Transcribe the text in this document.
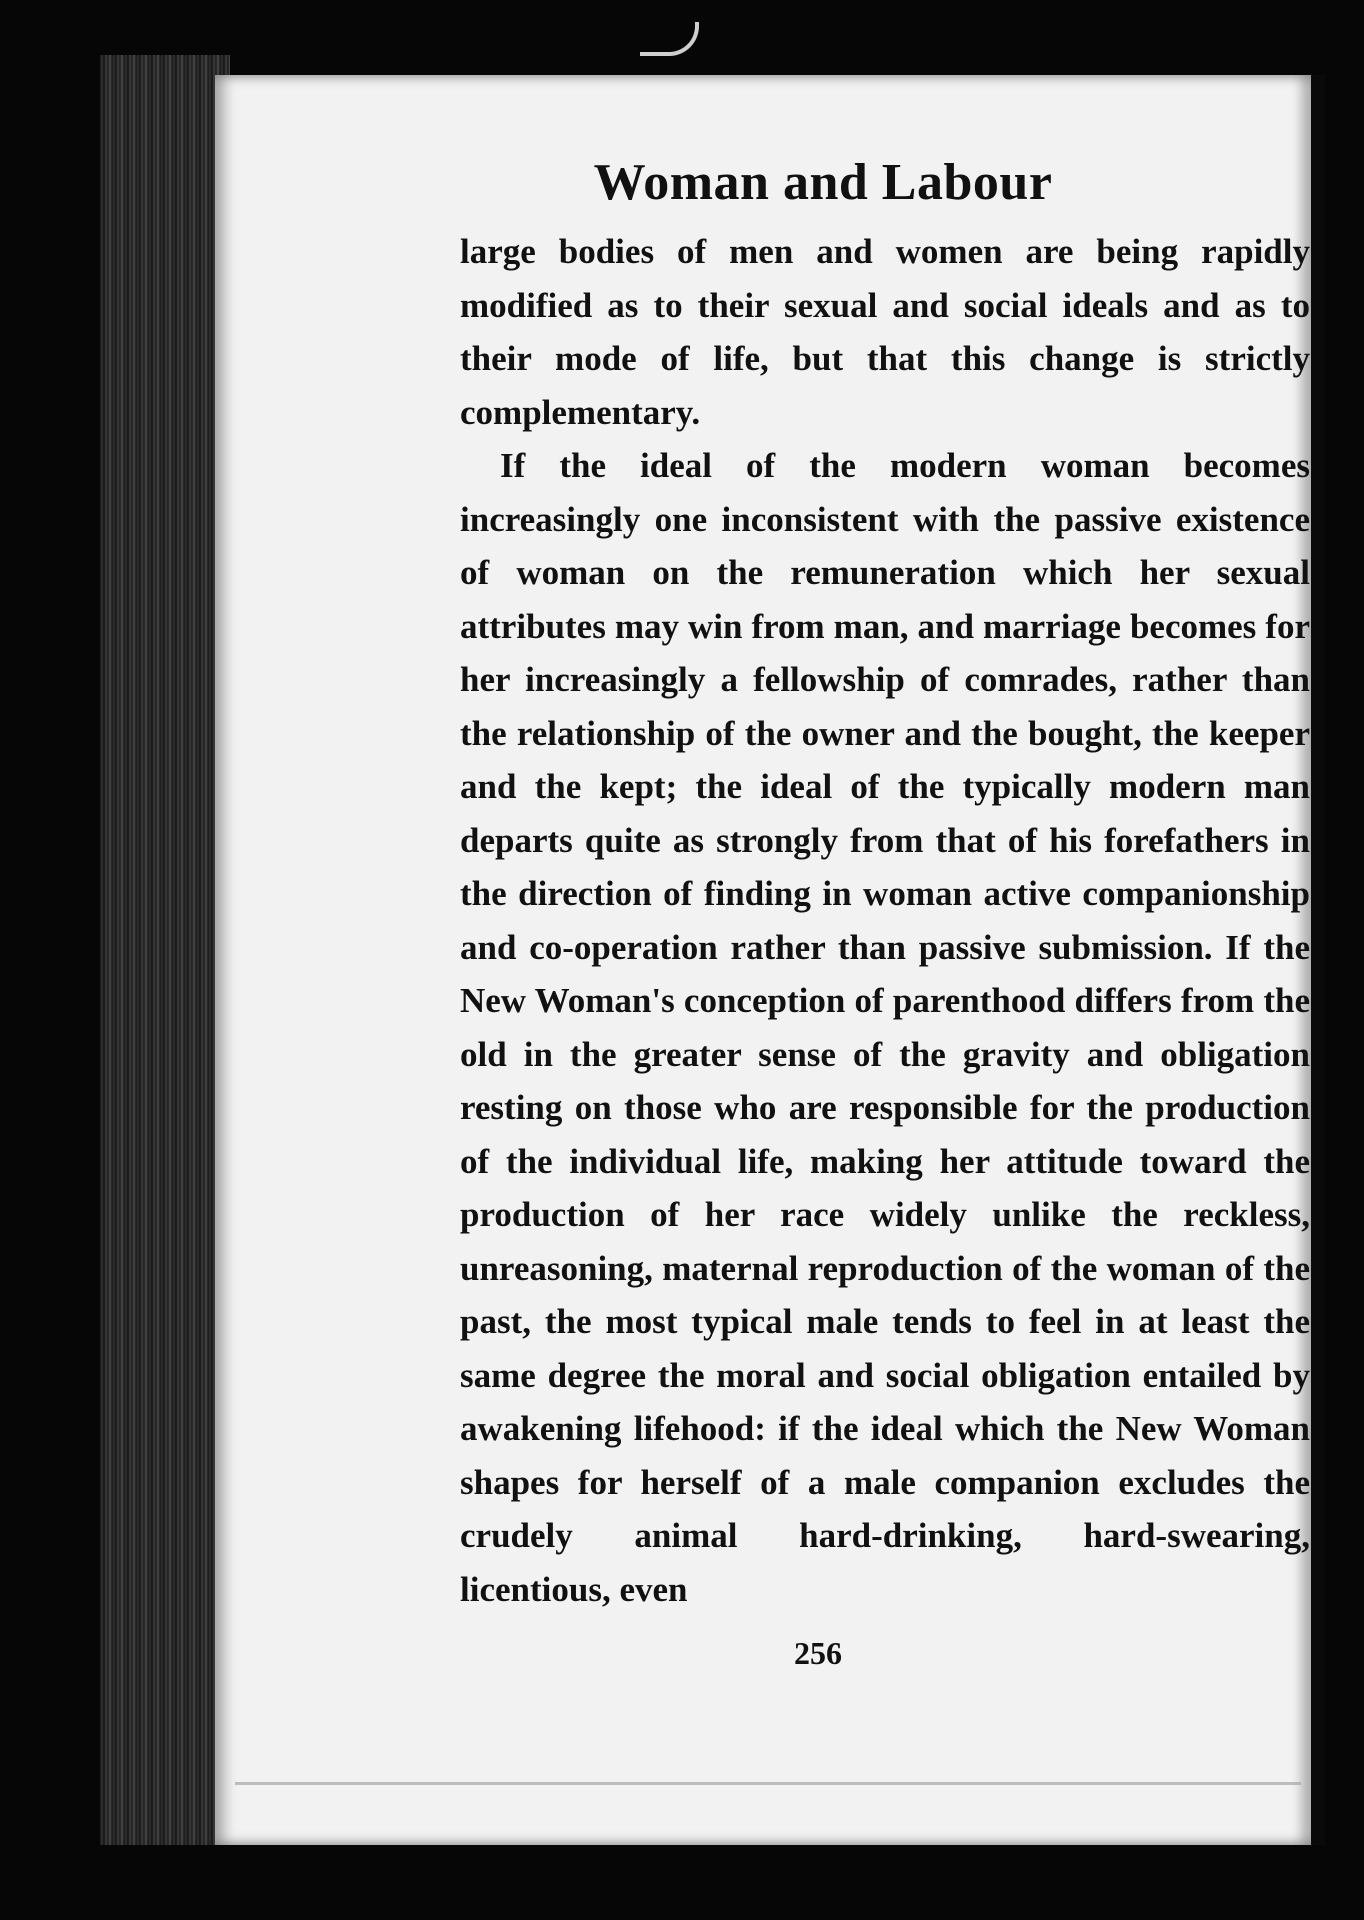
Woman and Labour

large bodies of men and women are being rapidly modified as to their sexual and social ideals and as to their mode of life, but that this change is strictly complementary.

If the ideal of the modern woman becomes increasingly one inconsistent with the passive existence of woman on the remuneration which her sexual attributes may win from man, and marriage becomes for her increasingly a fellowship of comrades, rather than the relationship of the owner and the bought, the keeper and the kept; the ideal of the typically modern man departs quite as strongly from that of his forefathers in the direction of finding in woman active companionship and co-operation rather than passive submission. If the New Woman's conception of parenthood differs from the old in the greater sense of the gravity and obligation resting on those who are responsible for the production of the individual life, making her attitude toward the production of her race widely unlike the reckless, unreasoning, maternal reproduction of the woman of the past, the most typical male tends to feel in at least the same degree the moral and social obligation entailed by awakening lifehood: if the ideal which the New Woman shapes for herself of a male companion excludes the crudely animal hard-drinking, hard-swearing, licentious, even

256
